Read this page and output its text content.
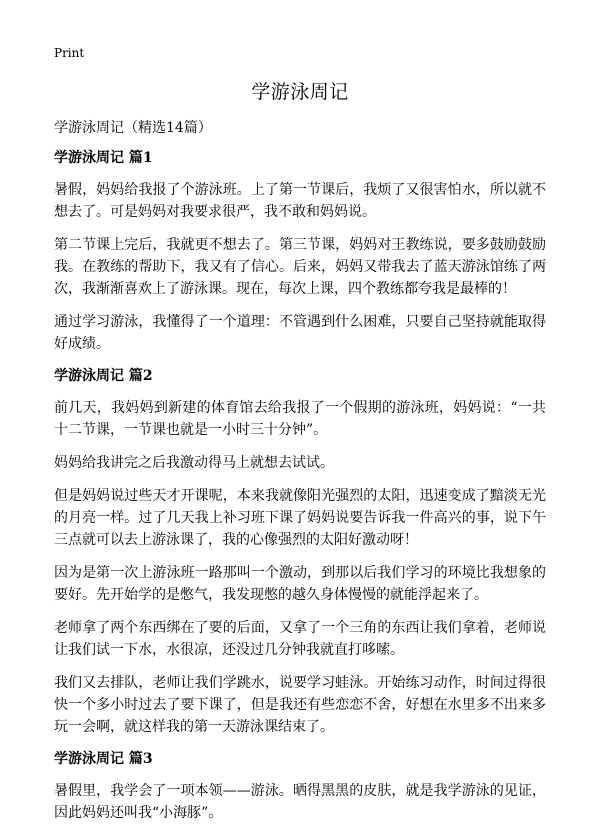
Print
学游泳周记

学游泳周记（精选14篇）

学游泳周记 篇1

暑假，妈妈给我报了个游泳班。上了第一节课后，我烦了又很害怕水，所以就不想去了。可是妈妈对我要求很严，我不敢和妈妈说。

第二节课上完后，我就更不想去了。第三节课，妈妈对王教练说，要多鼓励鼓励我。在教练的帮助下，我又有了信心。后来，妈妈又带我去了蓝天游泳馆练了两次，我渐渐喜欢上了游泳课。现在，每次上课，四个教练都夸我是最棒的！

通过学习游泳，我懂得了一个道理：不管遇到什么困难，只要自己坚持就能取得好成绩。

学游泳周记 篇2

前几天，我妈妈到新建的体育馆去给我报了一个假期的游泳班，妈妈说：“一共十二节课，一节课也就是一小时三十分钟”。

妈妈给我讲完之后我激动得马上就想去试试。

但是妈妈说过些天才开课呢，本来我就像阳光强烈的太阳，迅速变成了黯淡无光的月亮一样。过了几天我上补习班下课了妈妈说要告诉我一件高兴的事，说下午三点就可以去上游泳课了，我的心像强烈的太阳好激动呀！

因为是第一次上游泳班一路那叫一个激动，到那以后我们学习的环境比我想象的要好。先开始学的是憋气，我发现憋的越久身体慢慢的就能浮起来了。

老师拿了两个东西绑在了要的后面，又拿了一个三角的东西让我们拿着，老师说让我们试一下水，水很凉，还没过几分钟我就直打哆嗦。

我们又去排队，老师让我们学跳水，说要学习蛙泳。开始练习动作，时间过得很快一个多小时过去了要下课了，但是我还有些恋恋不舍，好想在水里多不出来多玩一会啊，就这样我的第一天游泳课结束了。

学游泳周记 篇3

暑假里，我学会了一项本领——游泳。晒得黑黑的皮肤，就是我学游泳的见证，因此妈妈还叫我“小海豚”。
